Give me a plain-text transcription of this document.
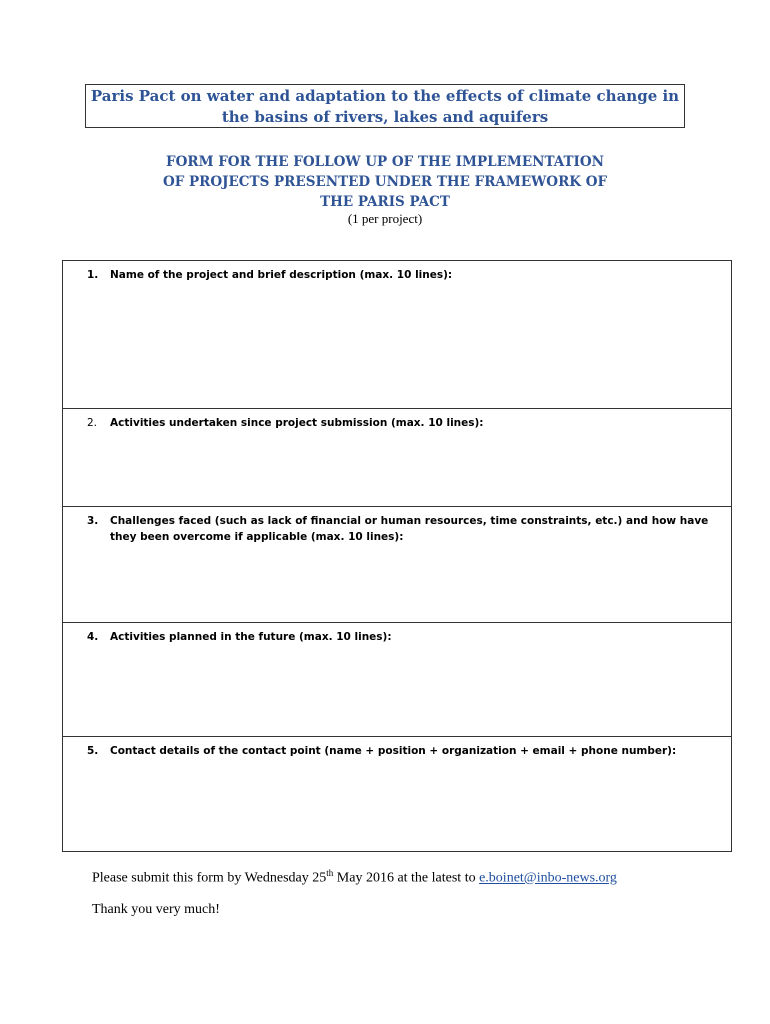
Paris Pact on water and adaptation to the effects of climate change in
the basins of rivers, lakes and aquifers
FORM FOR THE FOLLOW UP OF THE IMPLEMENTATION
OF PROJECTS PRESENTED UNDER THE FRAMEWORK OF
THE PARIS PACT
(1 per project)
1.	Name of the project and brief description (max. 10 lines):
2.	Activities undertaken since project submission (max. 10 lines):
3.	Challenges faced (such as lack of financial or human resources, time constraints, etc.) and how have they been overcome if applicable (max. 10 lines):
4.	Activities planned in the future (max. 10 lines):
5.	Contact details of the contact point (name + position + organization + email + phone number):
Please submit this form by Wednesday 25th May 2016 at the latest to e.boinet@inbo-news.org
Thank you very much!
